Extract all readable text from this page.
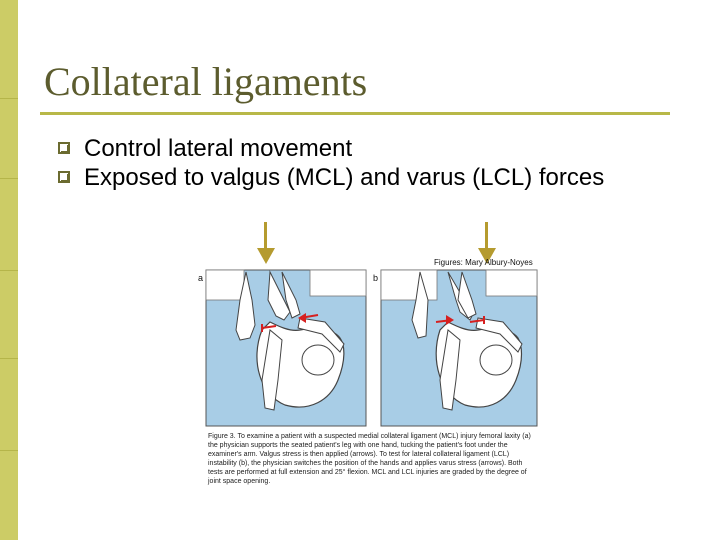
Collateral ligaments
Control lateral movement
Exposed to valgus (MCL) and varus (LCL) forces
Figures: Mary Albury-Noyes
a	b
Figure 3. To examine a patient with a suspected medial collateral ligament (MCL) injury femoral laxity (a) the physician supports the seated patient's leg with one hand, tucking the patient's foot under the examiner's arm. Valgus stress is then applied (arrows). To test for lateral collateral ligament (LCL) instability (b), the physician switches the position of the hands and applies varus stress (arrows). Both tests are performed at full extension and 25° flexion. MCL and LCL injuries are graded by the degree of joint space opening.
